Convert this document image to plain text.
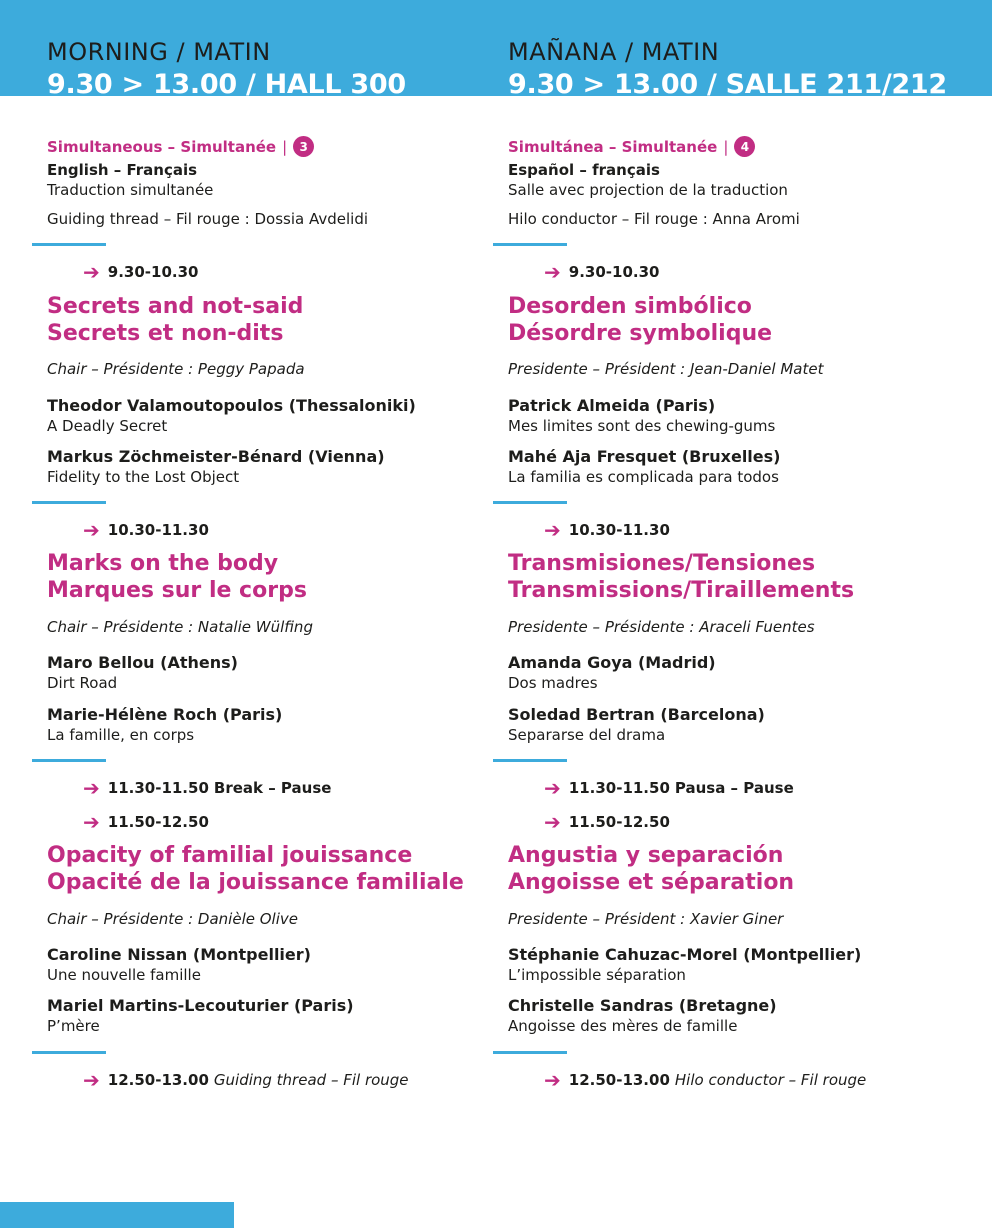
MORNING / MATIN
9.30 > 13.00 / HALL 300
Simultaneous – Simultanée |	3
English – Français
Traduction simultanée
Guiding thread – Fil rouge : Dossia Avdelidi
➔ 9.30-10.30
Secrets and not-said
Secrets et non-dits
Chair – Présidente : Peggy Papada
Theodor Valamoutopoulos (Thessaloniki)
A Deadly Secret
Markus Zöchmeister-Bénard (Vienna)
Fidelity to the Lost Object
➔ 10.30-11.30
Marks on the body
Marques sur le corps
Chair – Présidente : Natalie Wülfing
Maro Bellou (Athens)
Dirt Road
Marie-Hélène Roch (Paris)
La famille, en corps
➔ 11.30-11.50 Break – Pause
➔ 11.50-12.50
Opacity of familial jouissance
Opacité de la jouissance familiale
Chair – Présidente : Danièle Olive
Caroline Nissan (Montpellier)
Une nouvelle famille
Mariel Martins-Lecouturier (Paris)
P’mère
➔ 12.50-13.00 Guiding thread – Fil rouge
MAÑANA / MATIN
9.30 > 13.00 / SALLE 211/212
Simultánea – Simultanée |	4
Español – français
Salle avec projection de la traduction
Hilo conductor – Fil rouge : Anna Aromi
➔ 9.30-10.30
Desorden simbólico
Désordre symbolique
Presidente – Président : Jean-Daniel Matet
Patrick Almeida (Paris)
Mes limites sont des chewing-gums
Mahé Aja Fresquet (Bruxelles)
La familia es complicada para todos
➔ 10.30-11.30
Transmisiones/Tensiones
Transmissions/Tiraillements
Presidente – Présidente : Araceli Fuentes
Amanda Goya (Madrid)
Dos madres
Soledad Bertran (Barcelona)
Separarse del drama
➔ 11.30-11.50 Pausa – Pause
➔ 11.50-12.50
Angustia y separación
Angoisse et séparation
Presidente – Président : Xavier Giner
Stéphanie Cahuzac-Morel (Montpellier)
L’impossible séparation
Christelle Sandras (Bretagne)
Angoisse des mères de famille
➔ 12.50-13.00 Hilo conductor – Fil rouge
